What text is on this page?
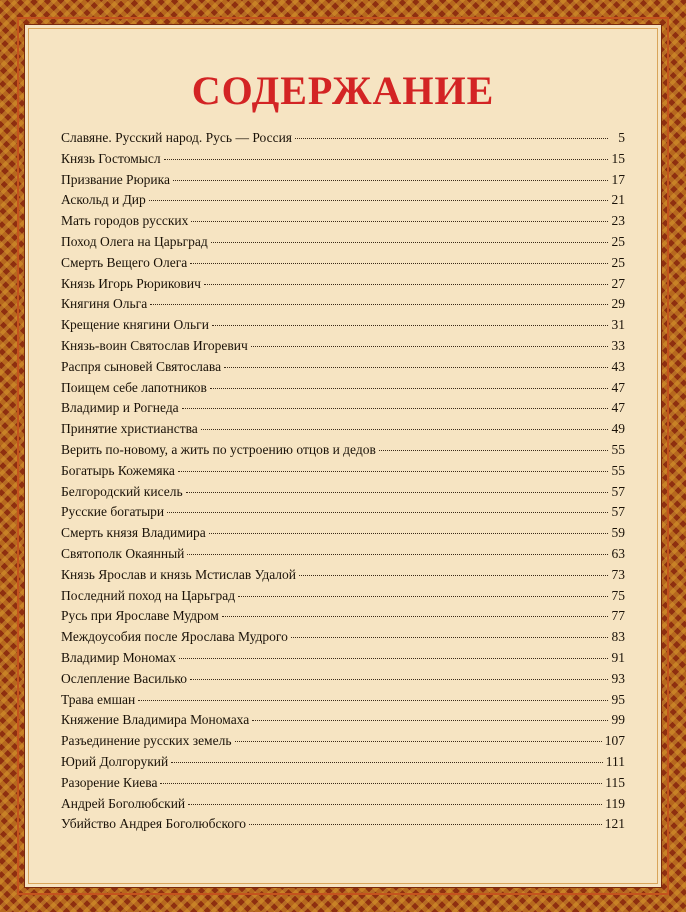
СОДЕРЖАНИЕ
Славяне. Русский народ. Русь — Россия	5
Князь Гостомысл	15
Призвание Рюрика	17
Аскольд и Дир	21
Мать городов русских	23
Поход Олега на Царьград	25
Смерть Вещего Олега	25
Князь Игорь Рюрикович	27
Княгиня Ольга	29
Крещение княгини Ольги	31
Князь-воин Святослав Игоревич	33
Распря сыновей Святослава	43
Поищем себе лапотников	47
Владимир и Рогнеда	47
Принятие христианства	49
Верить по-новому, а жить по устроению отцов и дедов	55
Богатырь Кожемяка	55
Белгородский кисель	57
Русские богатыри	57
Смерть князя Владимира	59
Святополк Окаянный	63
Князь Ярослав и князь Мстислав Удалой	73
Последний поход на Царьград	75
Русь при Ярославе Мудром	77
Междоусобия после Ярослава Мудрого	83
Владимир Мономах	91
Ослепление Василько	93
Трава емшан	95
Княжение Владимира Мономаха	99
Разъединение русских земель	107
Юрий Долгорукий	111
Разорение Киева	115
Андрей Боголюбский	119
Убийство Андрея Боголюбского	121
